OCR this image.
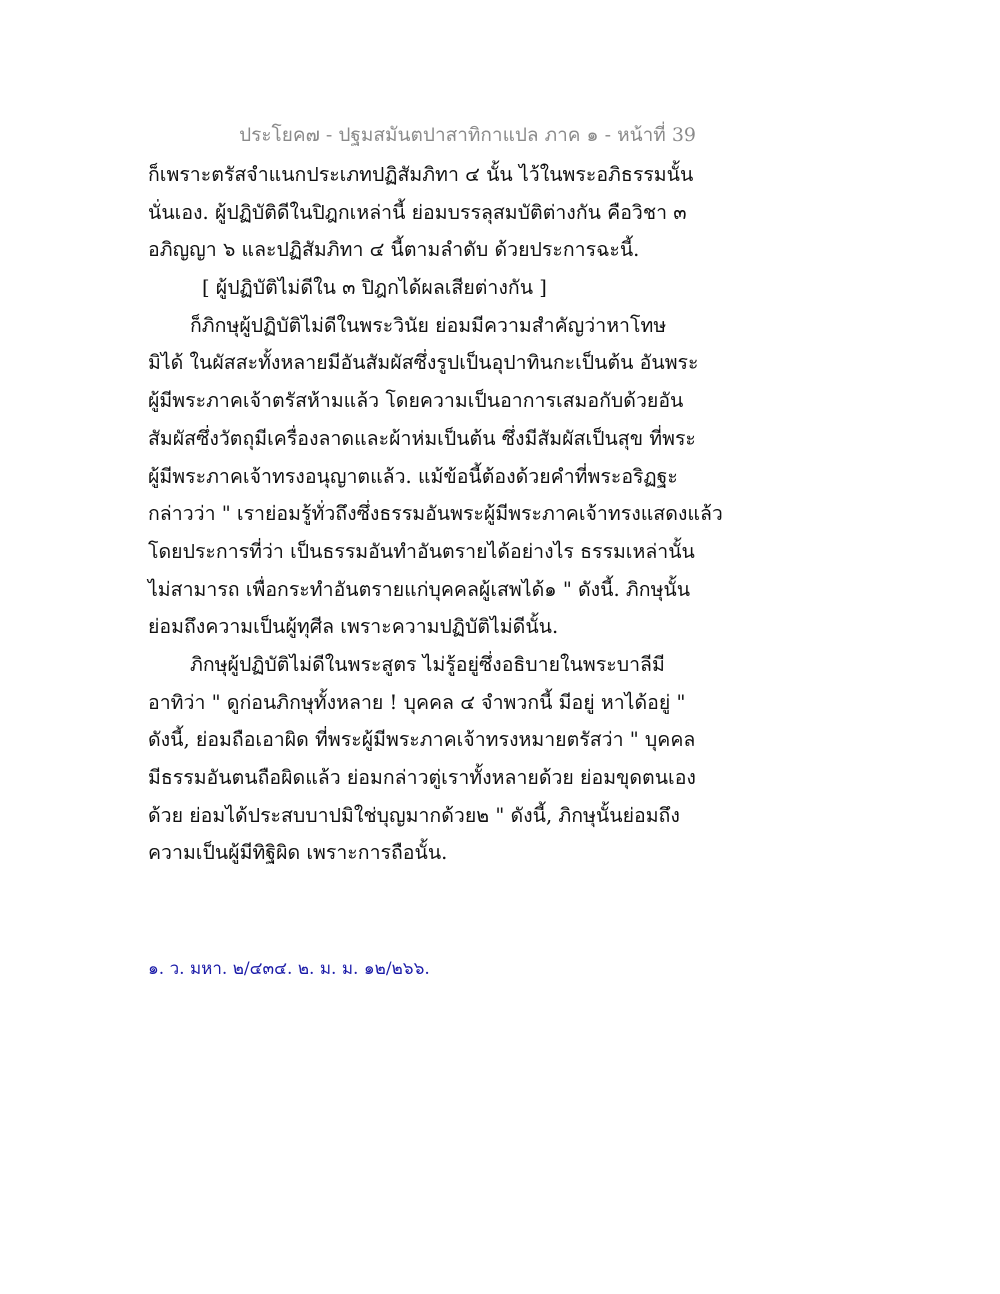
ประโยค๗ - ปฐมสมันตปาสาทิกาแปล ภาค ๑ - หน้าที่ 39
ก็เพราะตรัสจำแนกประเภทปฏิสัมภิทา ๔ นั้น ไว้ในพระอภิธรรมนั้น
นั่นเอง. ผู้ปฏิบัติดีในปิฎกเหล่านี้ ย่อมบรรลุสมบัติต่างกัน คือวิชา ๓
อภิญญา ๖ และปฏิสัมภิทา ๔ นี้ตามลำดับ ด้วยประการฉะนี้.
[ ผู้ปฏิบัติไม่ดีใน ๓ ปิฎกได้ผลเสียต่างกัน ]
ก็ภิกษุผู้ปฏิบัติไม่ดีในพระวินัย ย่อมมีความสำคัญว่าหาโทษ
มิได้ ในผัสสะทั้งหลายมีอันสัมผัสซึ่งรูปเป็นอุปาทินกะเป็นต้น อันพระ
ผู้มีพระภาคเจ้าตรัสห้ามแล้ว โดยความเป็นอาการเสมอกับด้วยอัน
สัมผัสซึ่งวัตถุมีเครื่องลาดและผ้าห่มเป็นต้น ซึ่งมีสัมผัสเป็นสุข ที่พระ
ผู้มีพระภาคเจ้าทรงอนุญาตแล้ว. แม้ข้อนี้ต้องด้วยคำที่พระอริฏฐะ
กล่าวว่า " เราย่อมรู้ทั่วถึงซึ่งธรรมอันพระผู้มีพระภาคเจ้าทรงแสดงแล้ว
โดยประการที่ว่า เป็นธรรมอันทำอันตรายได้อย่างไร ธรรมเหล่านั้น
ไม่สามารถ เพื่อกระทำอันตรายแก่บุคคลผู้เสพได้๑ " ดังนี้. ภิกษุนั้น
ย่อมถึงความเป็นผู้ทุศีล เพราะความปฏิบัติไม่ดีนั้น.
ภิกษุผู้ปฏิบัติไม่ดีในพระสูตร ไม่รู้อยู่ซึ่งอธิบายในพระบาลีมี
อาทิว่า " ดูก่อนภิกษุทั้งหลาย ! บุคคล ๔ จำพวกนี้ มีอยู่ หาได้อยู่ "
ดังนี้, ย่อมถือเอาผิด ที่พระผู้มีพระภาคเจ้าทรงหมายตรัสว่า " บุคคล
มีธรรมอันตนถือผิดแล้ว ย่อมกล่าวตู่เราทั้งหลายด้วย ย่อมขุดตนเอง
ด้วย ย่อมได้ประสบบาปมิใช่บุญมากด้วย๒ " ดังนี้, ภิกษุนั้นย่อมถึง
ความเป็นผู้มีทิฐิผิด เพราะการถือนั้น.
๑. ว. มหา. ๒/๔๓๔. ๒. ม. ม. ๑๒/๒๖๖.
